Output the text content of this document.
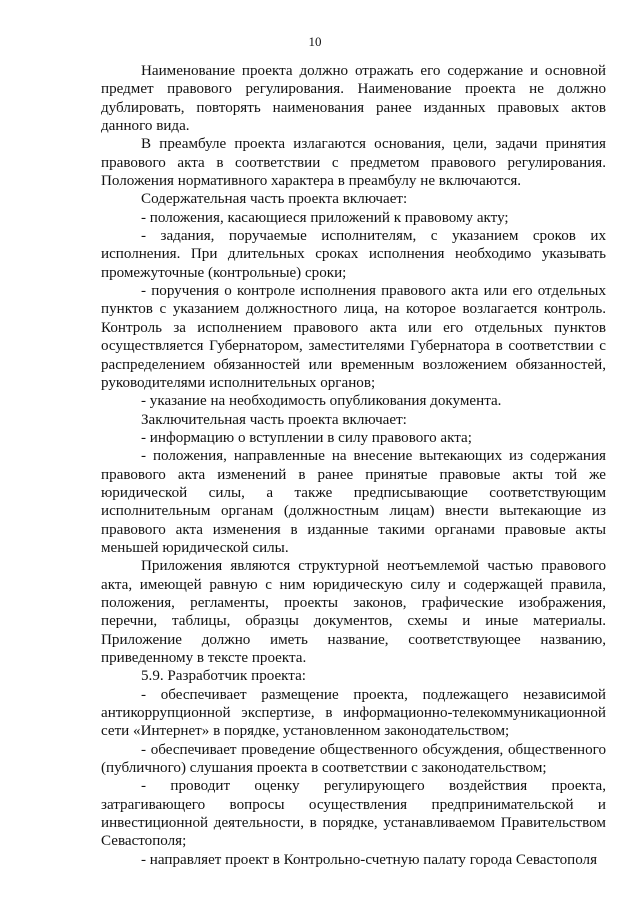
10

Наименование проекта должно отражать его содержание и основной предмет правового регулирования. Наименование проекта не должно дублировать, повторять наименования ранее изданных правовых актов данного вида.

В преамбуле проекта излагаются основания, цели, задачи принятия правового акта в соответствии с предметом правового регулирования. Положения нормативного характера в преамбулу не включаются.

Содержательная часть проекта включает:

- положения, касающиеся приложений к правовому акту;

- задания, поручаемые исполнителям, с указанием сроков их исполнения. При длительных сроках исполнения необходимо указывать промежуточные (контрольные) сроки;

- поручения о контроле исполнения правового акта или его отдельных пунктов с указанием должностного лица, на которое возлагается контроль. Контроль за исполнением правового акта или его отдельных пунктов осуществляется Губернатором, заместителями Губернатора в соответствии с распределением обязанностей или временным возложением обязанностей, руководителями исполнительных органов;

- указание на необходимость опубликования документа.

Заключительная часть проекта включает:

- информацию о вступлении в силу правового акта;

- положения, направленные на внесение вытекающих из содержания правового акта изменений в ранее принятые правовые акты той же юридической силы, а также предписывающие соответствующим исполнительным органам (должностным лицам) внести вытекающие из правового акта изменения в изданные такими органами правовые акты меньшей юридической силы.

Приложения являются структурной неотъемлемой частью правового акта, имеющей равную с ним юридическую силу и содержащей правила, положения, регламенты, проекты законов, графические изображения, перечни, таблицы, образцы документов, схемы и иные материалы. Приложение должно иметь название, соответствующее названию, приведенному в тексте проекта.

5.9. Разработчик проекта:

- обеспечивает размещение проекта, подлежащего независимой антикоррупционной экспертизе, в информационно-телекоммуникационной сети «Интернет» в порядке, установленном законодательством;

- обеспечивает проведение общественного обсуждения, общественного (публичного) слушания проекта в соответствии с законодательством;

- проводит оценку регулирующего воздействия проекта, затрагивающего вопросы осуществления предпринимательской и инвестиционной деятельности, в порядке, устанавливаемом Правительством Севастополя;

- направляет проект в Контрольно-счетную палату города Севастополя
